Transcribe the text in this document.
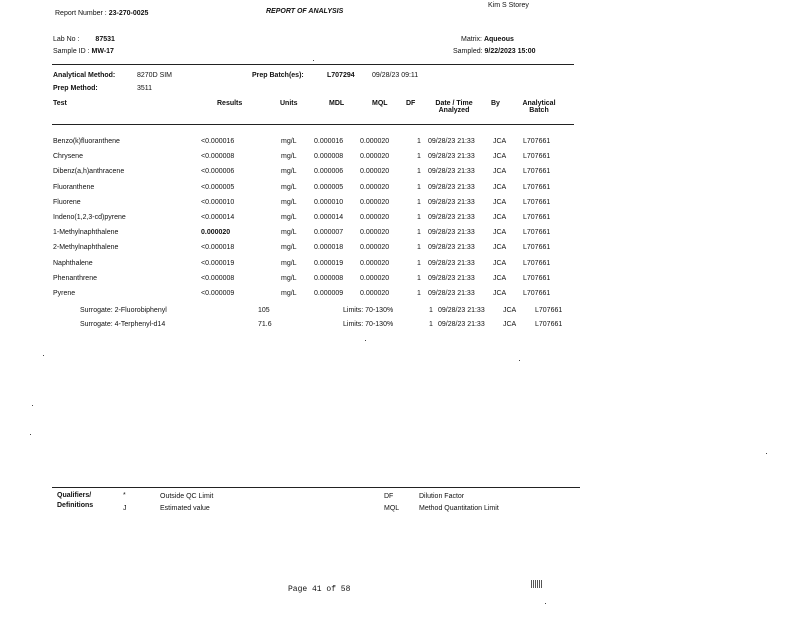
Report Number : 23-270-0025	REPORT OF ANALYSIS
Kim S Storey
Lab No : 87531
Sample ID : MW-17
Matrix: Aqueous
Sampled: 9/22/2023 15:00
Analytical Method:	8270D SIM	Prep Batch(es):	L707294 09/28/23 09:11
Prep Method:	3511
Test	Results	Units	MDL	MQL	DF	Date / Time
Analyzed
By	Analytical
Batch
Benzo(k)fluoranthene	<0.000016	mg/L 0.000016 0.000020	1 09/28/23 21:33	JCA L707661
Chrysene	<0.000008	mg/L 0.000008 0.000020	1 09/28/23 21:33	JCA L707661
Dibenz(a,h)anthracene	<0.000006	mg/L 0.000006 0.000020	1 09/28/23 21:33	JCA L707661
Fluoranthene	<0.000005	mg/L 0.000005 0.000020	1 09/28/23 21:33	JCA L707661
Fluorene	<0.000010	mg/L 0.000010 0.000020	1 09/28/23 21:33	JCA L707661
Indeno(1,2,3-cd)pyrene	<0.000014	mg/L 0.000014 0.000020	1 09/28/23 21:33	JCA L707661
1-Methylnaphthalene	0.000020	mg/L 0.000007 0.000020	1 09/28/23 21:33	JCA L707661
2-Methylnaphthalene	<0.000018	mg/L 0.000018 0.000020	1 09/28/23 21:33	JCA L707661
Naphthalene	<0.000019	mg/L 0.000019 0.000020	1 09/28/23 21:33	JCA L707661
Phenanthrene	<0.000008	mg/L 0.000008 0.000020	1 09/28/23 21:33	JCA L707661
Pyrene	<0.000009	mg/L 0.000009 0.000020	1 09/28/23 21:33	JCA L707661
Surrogate: 2-Fluorobiphenyl	105	Limits: 70-130%	1 09/28/23 21:33	JCA	L707661
Surrogate: 4-Terphenyl-d14	71.6	Limits: 70-130%	1 09/28/23 21:33	JCA	L707661
Qualifiers/
Definitions
*	Outside QC Limit
J	Estimated value
DF	Dilution Factor
MQL	Method Quantitation Limit
Page 41 of 58
